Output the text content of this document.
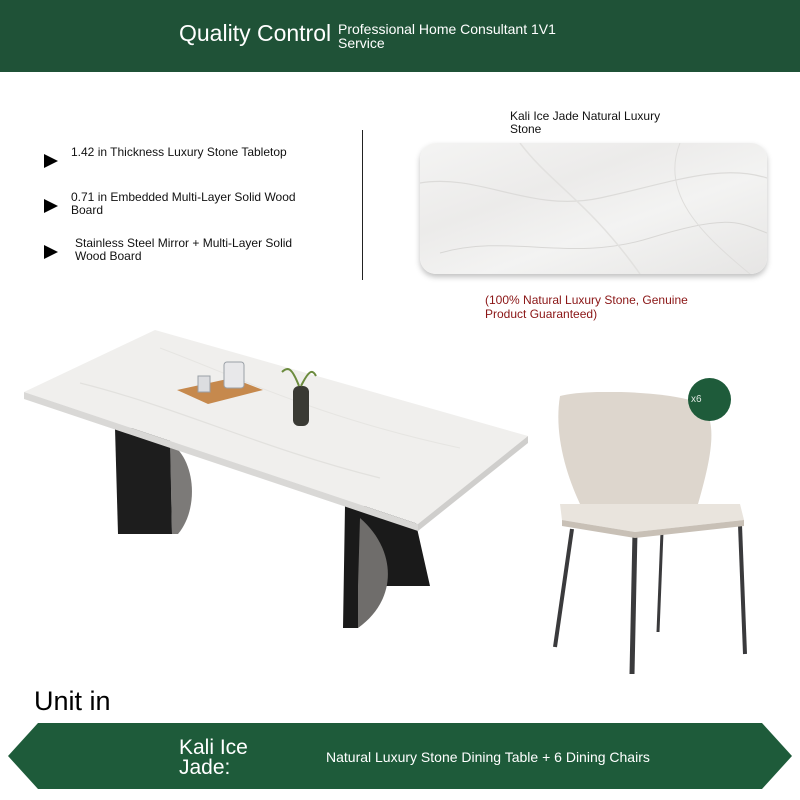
Quality Control Professional Home Consultant 1V1 Service
1.42 in Thickness Luxury Stone Tabletop
0.71 in Embedded Multi-Layer Solid Wood Board
Stainless Steel Mirror + Multi-Layer Solid Wood Board
Kali Ice Jade Natural Luxury Stone
(100% Natural Luxury Stone, Genuine Product Guaranteed)
x6
Unit in
Kali Ice Jade:	Natural Luxury Stone Dining Table + 6 Dining Chairs
